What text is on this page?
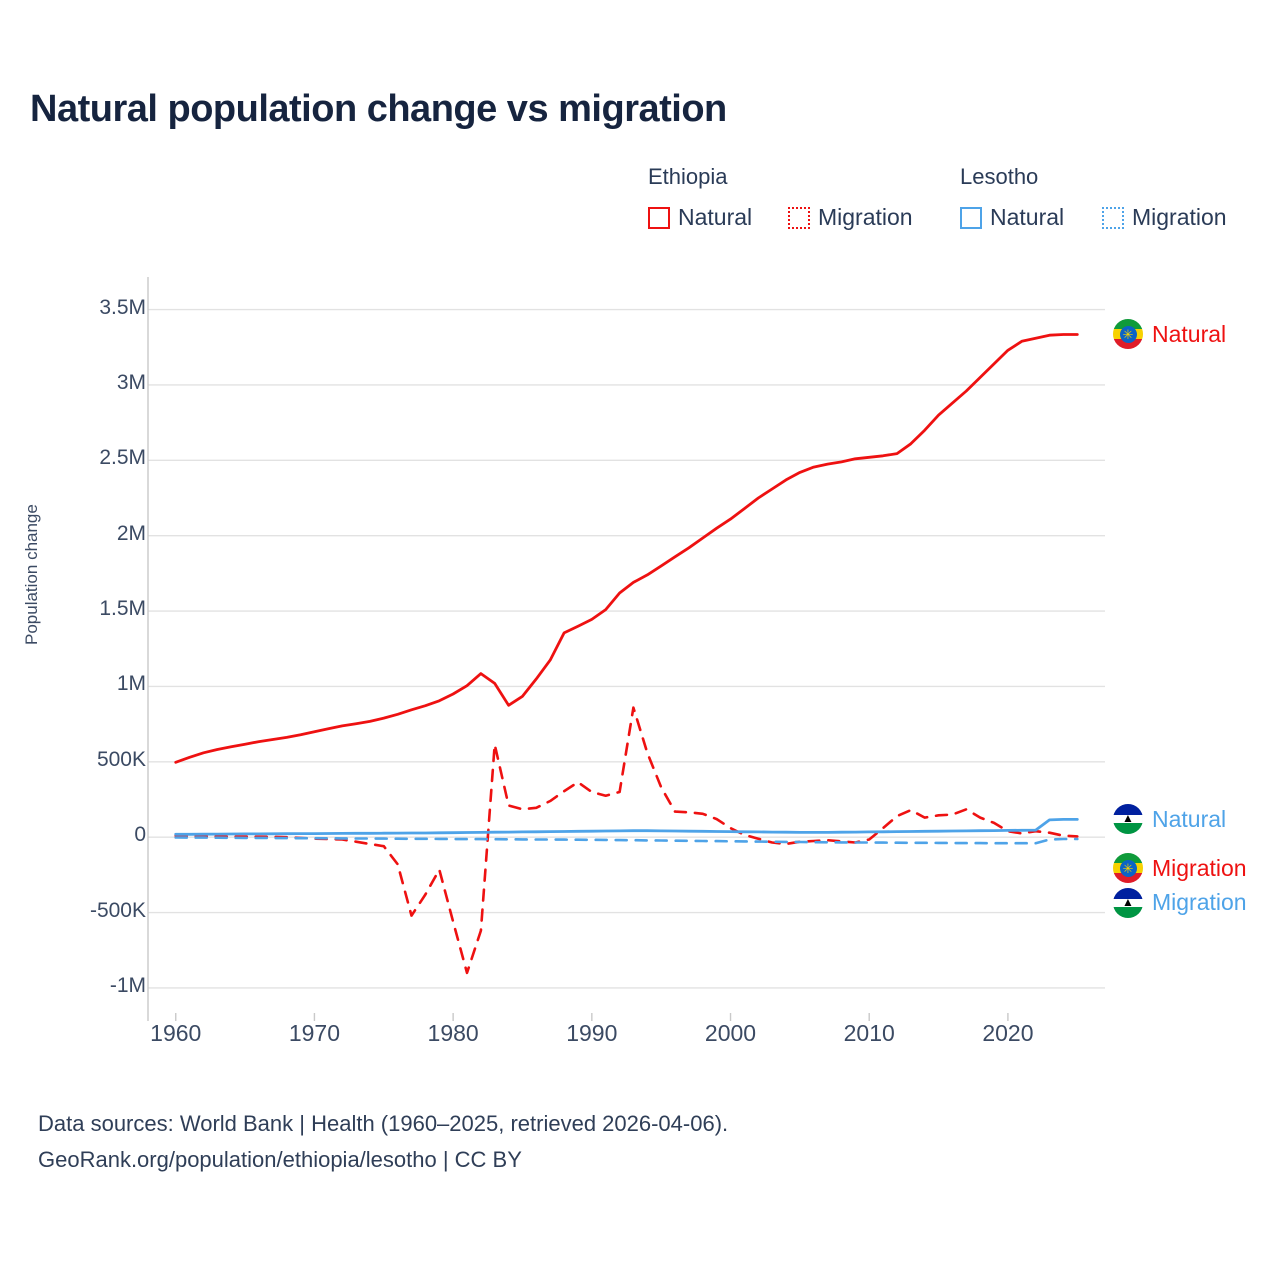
Natural population change vs migration
Ethiopia	Lesotho
Natural	Migration	Natural	Migration
Population change
-1M
-500K
0
500K
1M
1.5M
2M
2.5M
3M
3.5M
1960	1970	1980	1990	2000	2010	2020
✳ Natural
▲ Natural
✳ Migration
▲ Migration
Data sources: World Bank | Health (1960–2025, retrieved 2026-04-06).
GeoRank.org/population/ethiopia/lesotho | CC BY
